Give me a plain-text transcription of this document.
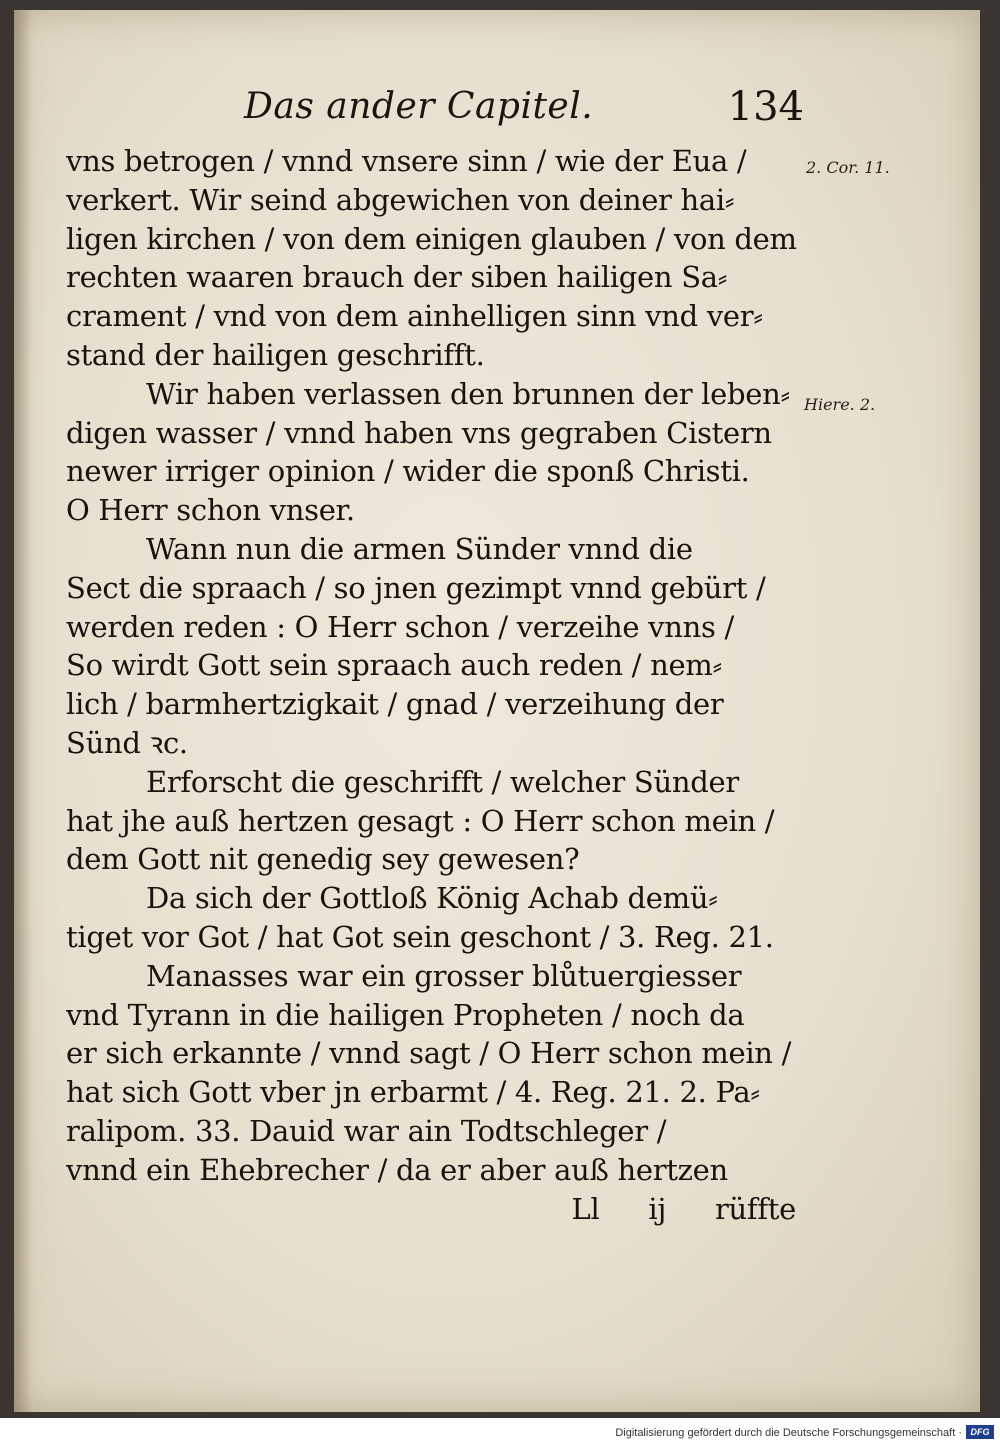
Das ander Capitel.	134
vns betrogen / vnnd vnsere sinn / wie der Eua /
verkert. Wir seind abgewichen von deiner hai⸗
ligen kirchen / von dem einigen glauben / von dem
rechten waaren brauch der siben hailigen Sa⸗
crament / vnd von dem ainhelligen sinn vnd ver⸗
stand der hailigen geschrifft.
Wir haben verlassen den brunnen der leben⸗
digen wasser / vnnd haben vns gegraben Cistern
newer irriger opinion / wider die sponß Christi.
O Herr schon vnser.
Wann nun die armen Sünder vnnd die
Sect die spraach / so jnen gezimpt vnnd gebürt /
werden reden : O Herr schon / verzeihe vnns /
So wirdt Gott sein spraach auch reden / nem⸗
lich / barmhertzigkait / gnad / verzeihung der
Sünd ꝛc.
Erforscht die geschrifft / welcher Sünder
hat jhe auß hertzen gesagt : O Herr schon mein /
dem Gott nit genedig sey gewesen?
Da sich der Gottloß König Achab demü⸗
tiget vor Got / hat Got sein geschont / 3. Reg. 21.
Manasses war ein grosser blůtuergiesser
vnd Tyrann in die hailigen Propheten / noch da
er sich erkannte / vnnd sagt / O Herr schon mein /
hat sich Gott vber jn erbarmt / 4. Reg. 21. 2. Pa⸗
ralipom. 33. Dauid war ain Todtschleger /
vnnd ein Ehebrecher / da er aber auß hertzen
Ll ij rüffte
2. Cor. 11.
Hiere. 2.
Digitalisierung gefördert durch die Deutsche Forschungsgemeinschaft · DFG
